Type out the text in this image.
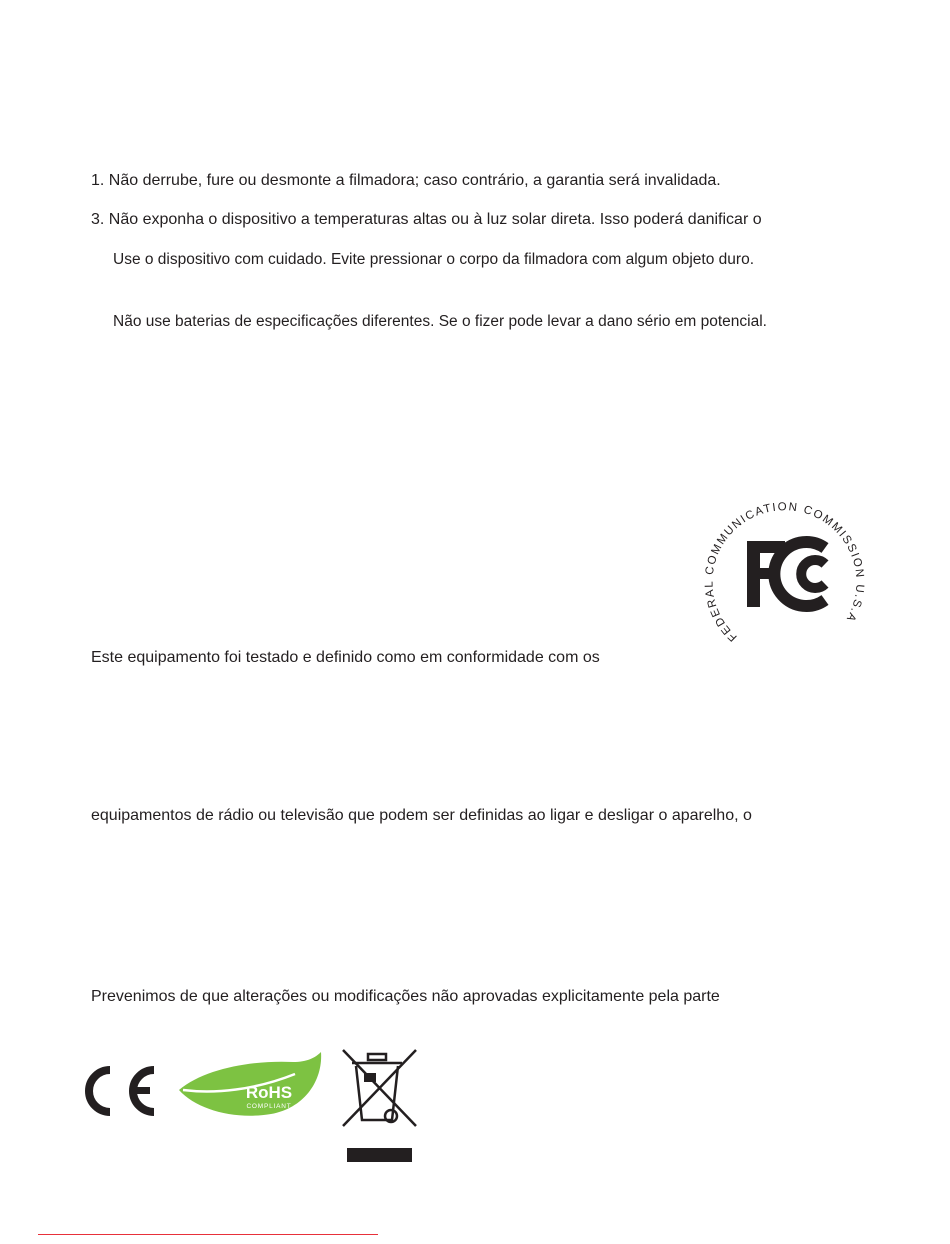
1. Não derrube, fure ou desmonte a filmadora; caso contrário, a garantia será invalidada.
3. Não exponha o dispositivo a temperaturas altas ou à luz solar direta. Isso poderá danificar o
Use o dispositivo com cuidado. Evite pressionar o corpo da filmadora com algum objeto duro.
Não use baterias de especificações diferentes. Se o fizer pode levar a dano sério em potencial.
FEDERAL COMMUNICATION COMMISSION U.S.A
Este equipamento foi testado e definido como em conformidade com os
equipamentos de rádio ou televisão que podem ser definidas ao ligar e desligar o aparelho, o
Prevenimos de que alterações ou modificações não aprovadas explicitamente pela parte
RoHS
COMPLIANT
